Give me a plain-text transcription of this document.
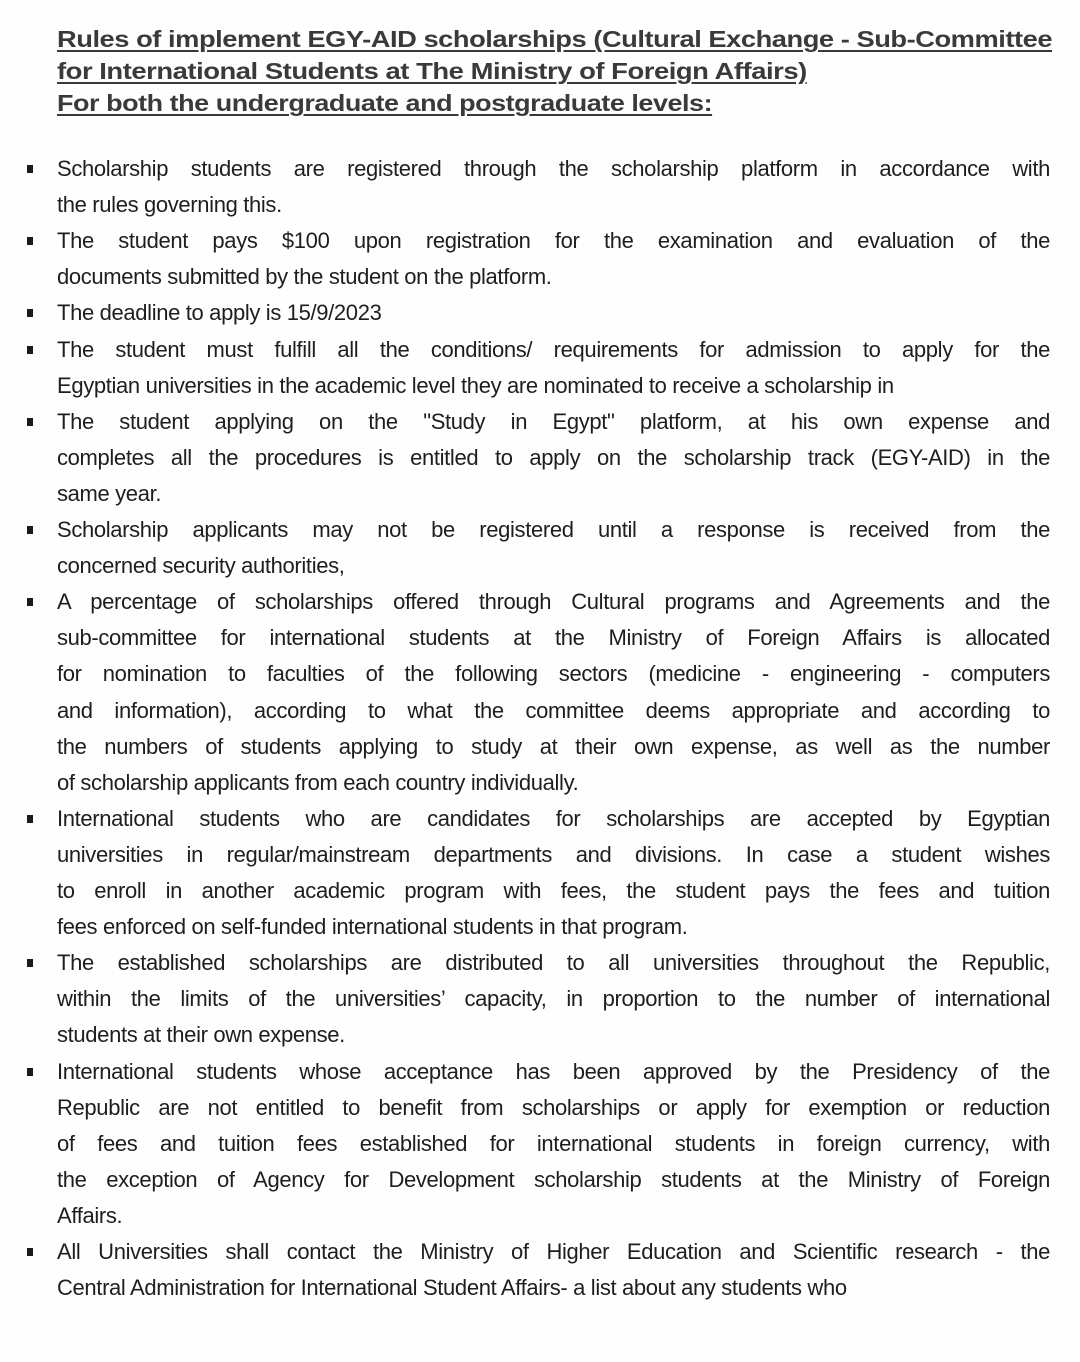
Rules of implement EGY-AID scholarships (Cultural Exchange - Sub-Committee
for International Students at The Ministry of Foreign Affairs)
For both the undergraduate and postgraduate levels:
Scholarship students are registered through the scholarship platform in accordance with
the rules governing this.
The student pays $100 upon registration for the examination and evaluation of the
documents submitted by the student on the platform.
The deadline to apply is 15/9/2023
The student must fulfill all the conditions/ requirements for admission to apply for the
Egyptian universities in the academic level they are nominated to receive a scholarship in
The student applying on the "Study in Egypt" platform, at his own expense and
completes all the procedures is entitled to apply on the scholarship track (EGY-AID) in the
same year.
Scholarship applicants may not be registered until a response is received from the
concerned security authorities,
A percentage of scholarships offered through Cultural programs and Agreements and the
sub-committee for international students at the Ministry of Foreign Affairs is allocated
for nomination to faculties of the following sectors (medicine - engineering - computers
and information), according to what the committee deems appropriate and according to
the numbers of students applying to study at their own expense, as well as the number
of scholarship applicants from each country individually.
International students who are candidates for scholarships are accepted by Egyptian
universities in regular/mainstream departments and divisions. In case a student wishes
to enroll in another academic program with fees, the student pays the fees and tuition
fees enforced on self-funded international students in that program.
The established scholarships are distributed to all universities throughout the Republic,
within the limits of the universities’ capacity, in proportion to the number of international
students at their own expense.
International students whose acceptance has been approved by the Presidency of the
Republic are not entitled to benefit from scholarships or apply for exemption or reduction
of fees and tuition fees established for international students in foreign currency, with
the exception of Agency for Development scholarship students at the Ministry of Foreign
Affairs.
All Universities shall contact the Ministry of Higher Education and Scientific research - the
Central Administration for International Student Affairs- a list about any students who
